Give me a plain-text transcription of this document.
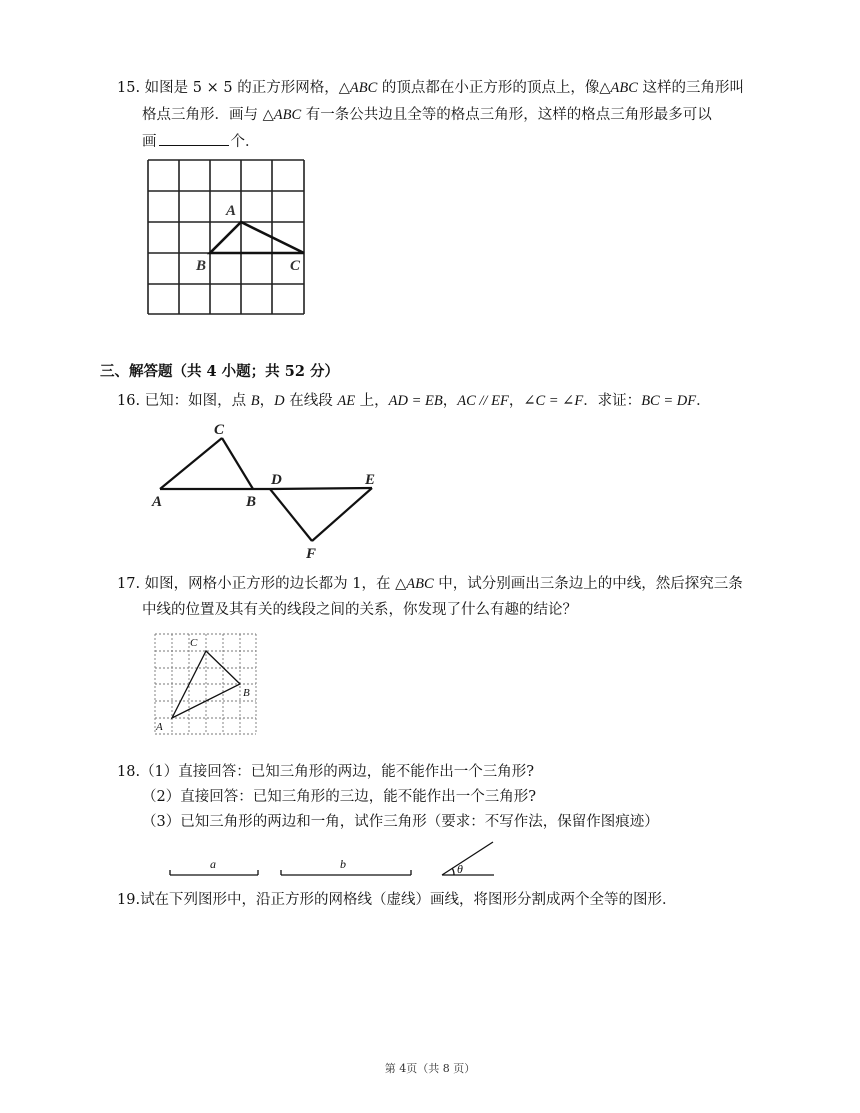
15. 如图是 5 × 5 的正方形网格，△ABC 的顶点都在小正方形的顶点上，像△ABC 这样的三角形叫
格点三角形．画与 △ABC 有一条公共边且全等的格点三角形，这样的格点三角形最多可以
画	个．
A
B	C
三、解答题（共 4 小题；共 52 分）
16. 已知：如图，点 B，D 在线段 AE 上，AD = EB，AC // EF，∠C = ∠F．求证：BC = DF．
C
A	B
D	E
F
17. 如图，网格小正方形的边长都为 1，在 △ABC 中，试分别画出三条边上的中线，然后探究三条
中线的位置及其有关的线段之间的关系，你发现了什么有趣的结论？
C
B
A
18.（1）直接回答：已知三角形的两边，能不能作出一个三角形?
（2）直接回答：已知三角形的三边，能不能作出一个三角形?
（3）已知三角形的两边和一角，试作三角形（要求：不写作法，保留作图痕迹）
a	b	θ
19.试在下列图形中，沿正方形的网格线（虚线）画线，将图形分割成两个全等的图形．
第 4页（共 8 页）
